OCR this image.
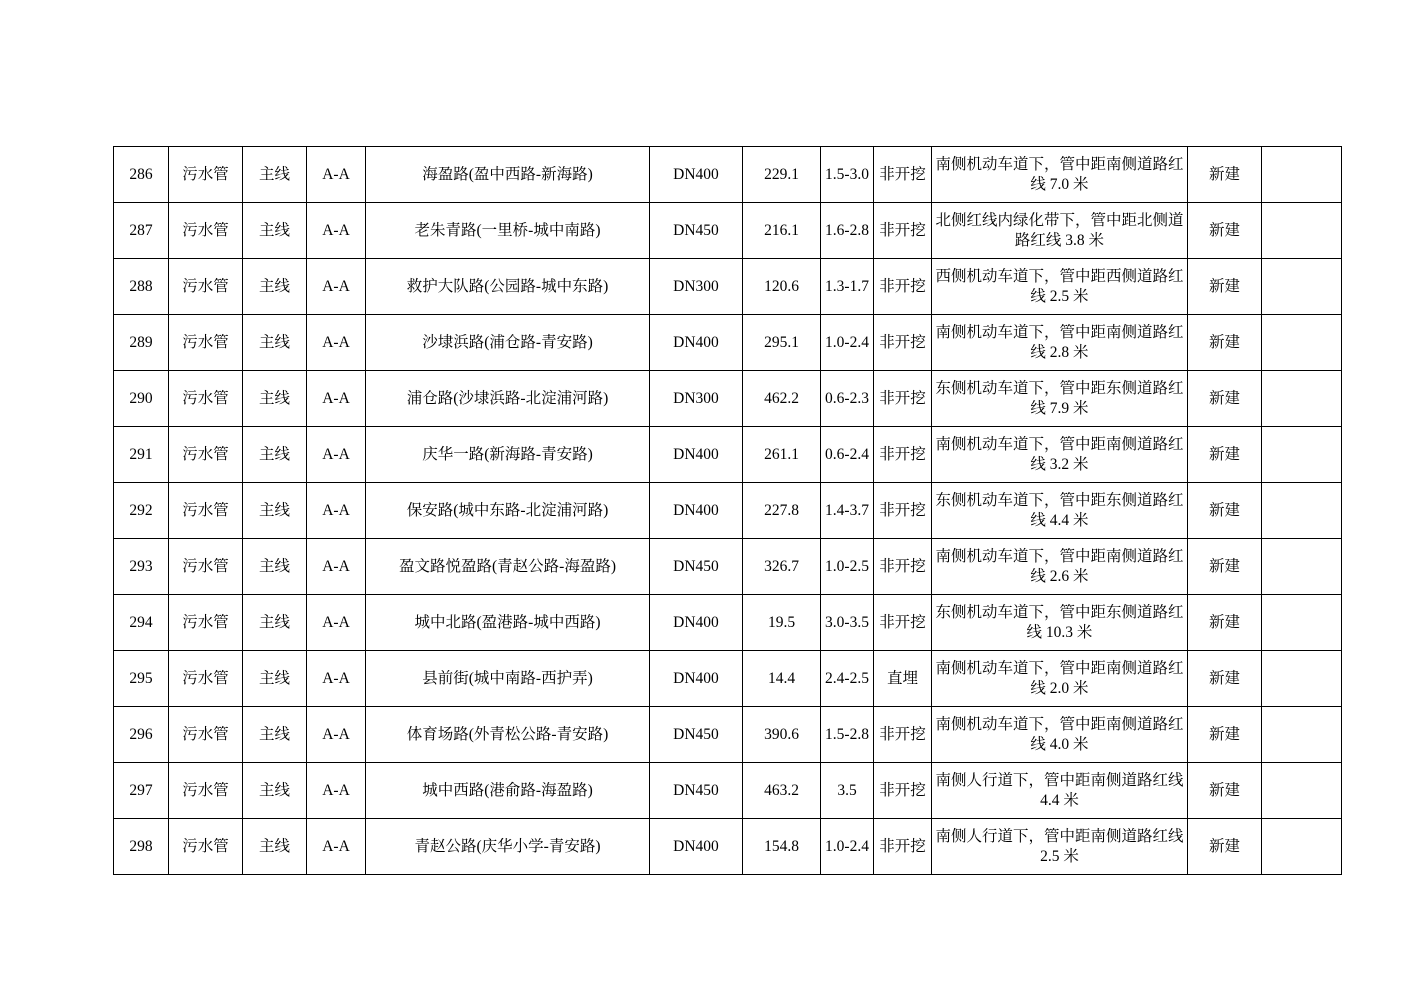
286	污水管	主线	A-A	海盈路(盈中西路-新海路)	DN400	229.1	1.5-3.0	非开挖	南侧机动车道下，管中距南侧道路红线 7.0 米	新建	
287	污水管	主线	A-A	老朱青路(一里桥-城中南路)	DN450	216.1	1.6-2.8	非开挖	北侧红线内绿化带下，管中距北侧道路红线 3.8 米	新建	
288	污水管	主线	A-A	救护大队路(公园路-城中东路)	DN300	120.6	1.3-1.7	非开挖	西侧机动车道下，管中距西侧道路红线 2.5 米	新建	
289	污水管	主线	A-A	沙埭浜路(浦仓路-青安路)	DN400	295.1	1.0-2.4	非开挖	南侧机动车道下，管中距南侧道路红线 2.8 米	新建	
290	污水管	主线	A-A	浦仓路(沙埭浜路-北淀浦河路)	DN300	462.2	0.6-2.3	非开挖	东侧机动车道下，管中距东侧道路红线 7.9 米	新建	
291	污水管	主线	A-A	庆华一路(新海路-青安路)	DN400	261.1	0.6-2.4	非开挖	南侧机动车道下，管中距南侧道路红线 3.2 米	新建	
292	污水管	主线	A-A	保安路(城中东路-北淀浦河路)	DN400	227.8	1.4-3.7	非开挖	东侧机动车道下，管中距东侧道路红线 4.4 米	新建	
293	污水管	主线	A-A	盈文路悦盈路(青赵公路-海盈路)	DN450	326.7	1.0-2.5	非开挖	南侧机动车道下，管中距南侧道路红线 2.6 米	新建	
294	污水管	主线	A-A	城中北路(盈港路-城中西路)	DN400	19.5	3.0-3.5	非开挖	东侧机动车道下，管中距东侧道路红线 10.3 米	新建	
295	污水管	主线	A-A	县前街(城中南路-西护弄)	DN400	14.4	2.4-2.5	直埋	南侧机动车道下，管中距南侧道路红线 2.0 米	新建	
296	污水管	主线	A-A	体育场路(外青松公路-青安路)	DN450	390.6	1.5-2.8	非开挖	南侧机动车道下，管中距南侧道路红线 4.0 米	新建	
297	污水管	主线	A-A	城中西路(港俞路-海盈路)	DN450	463.2	3.5	非开挖	南侧人行道下，管中距南侧道路红线 4.4 米	新建	
298	污水管	主线	A-A	青赵公路(庆华小学-青安路)	DN400	154.8	1.0-2.4	非开挖	南侧人行道下，管中距南侧道路红线 2.5 米	新建	
